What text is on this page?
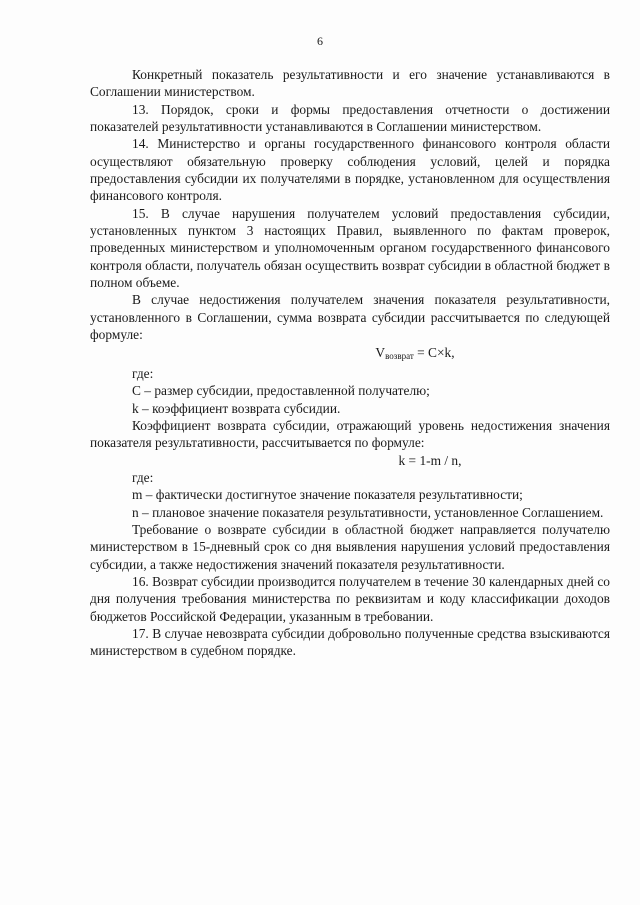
6

Конкретный показатель результативности и его значение устанавливаются в Соглашении министерством.

13. Порядок, сроки и формы предоставления отчетности о достижении показателей результативности устанавливаются в Соглашении министерством.

14. Министерство и органы государственного финансового контроля области осуществляют обязательную проверку соблюдения условий, целей и порядка предоставления субсидии их получателями в порядке, установленном для осуществления финансового контроля.

15. В случае нарушения получателем условий предоставления субсидии, установленных пунктом 3 настоящих Правил, выявленного по фактам проверок, проведенных министерством и уполномоченным органом государственного финансового контроля области, получатель обязан осуществить возврат субсидии в областной бюджет в полном объеме.

В случае недостижения получателем значения показателя результативности, установленного в Соглашении, сумма возврата субсидии рассчитывается по следующей формуле:

$V_{возврат} = C\times k$,

где:

C – размер субсидии, предоставленной получателю;

k – коэффициент возврата субсидии.

Коэффициент возврата субсидии, отражающий уровень недостижения значения показателя результативности, рассчитывается по формуле:

k = 1-m / n,

где:

m – фактически достигнутое значение показателя результативности;

n – плановое значение показателя результативности, установленное Соглашением.

Требование о возврате субсидии в областной бюджет направляется получателю министерством в 15-дневный срок со дня выявления нарушения условий предоставления субсидии, а также недостижения значений показателя результативности.

16. Возврат субсидии производится получателем в течение 30 календарных дней со дня получения требования министерства по реквизитам и коду классификации доходов бюджетов Российской Федерации, указанным в требовании.

17. В случае невозврата субсидии добровольно полученные средства взыскиваются министерством в судебном порядке.
